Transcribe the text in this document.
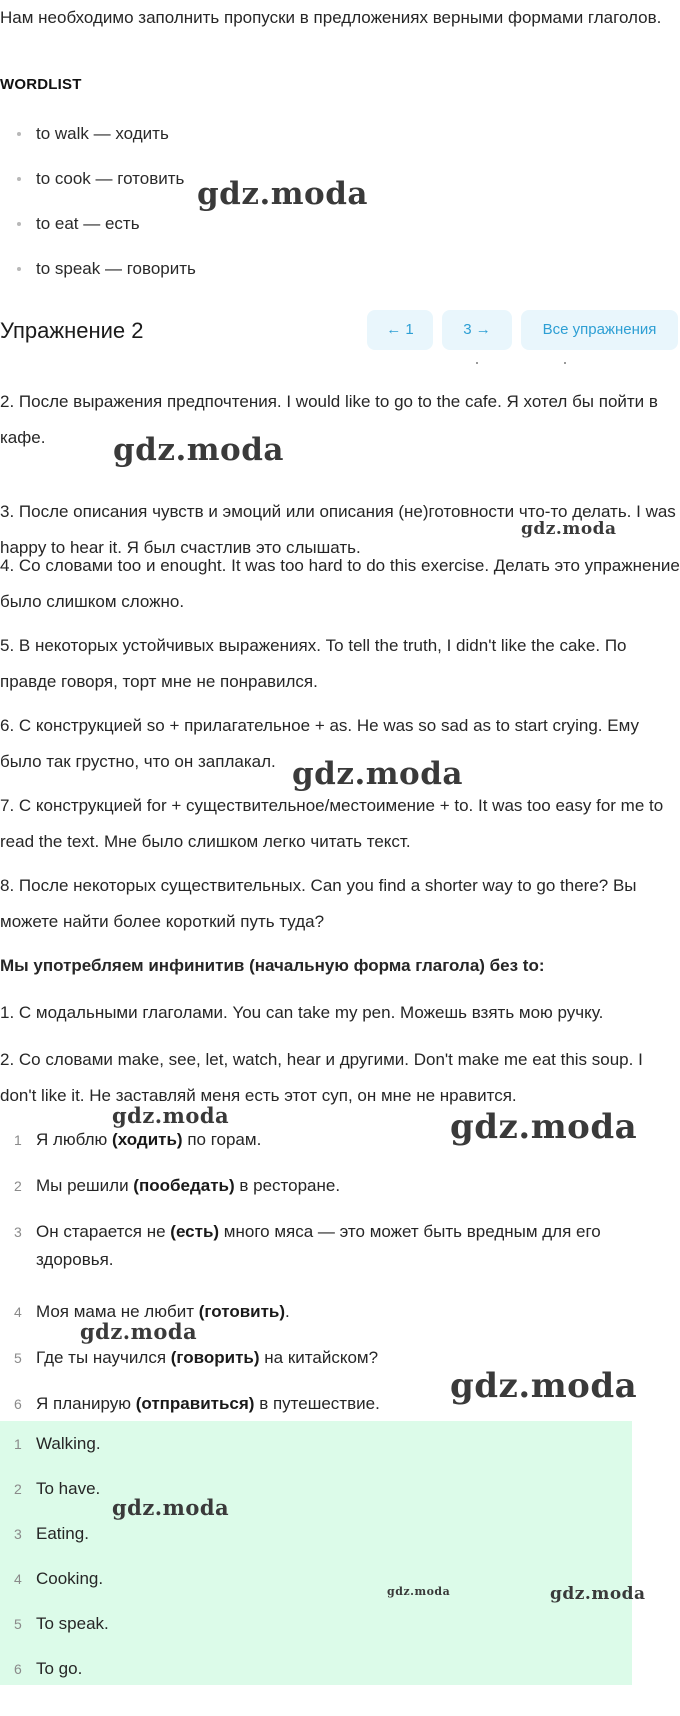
Нам необходимо заполнить пропуски в предложениях верными формами глаголов.
WORDLIST
to walk — ходить
to cook — готовить
to eat — есть
to speak — говорить
Упражнение 2	← 1	3 →	Все упражнения
2. После выражения предпочтения. I would like to go to the cafe. Я хотел бы пойти в кафе.
3. После описания чувств и эмоций или описания (не)готовности что-то делать. I was happy to hear it. Я был счастлив это слышать.
4. Со словами too и enought. It was too hard to do this exercise. Делать это упражнение было слишком сложно.
5. В некоторых устойчивых выражениях. To tell the truth, I didn't like the cake. По правде говоря, торт мне не понравился.
6. С конструкцией so + прилагательное + as. He was so sad as to start crying. Ему было так грустно, что он заплакал.
7. С конструкцией for + существительное/местоимение + to. It was too easy for me to read the text. Мне было слишком легко читать текст.
8. После некоторых существительных. Can you find a shorter way to go there? Вы можете найти более короткий путь туда?
Мы употребляем инфинитив (начальную форма глагола) без to:
1. С модальными глаголами. You can take my pen. Можешь взять мою ручку.
2. Со словами make, see, let, watch, hear и другими. Don't make me eat this soup. I don't like it. Не заставляй меня есть этот суп, он мне не нравится.
1 Я люблю (ходить) по горам.
2 Мы решили (пообедать) в ресторане.
3 Он старается не (есть) много мяса — это может быть вредным для его здоровья.
4 Моя мама не любит (готовить).
5 Где ты научился (говорить) на китайском?
6 Я планирую (отправиться) в путешествие.
1 Walking.
2 To have.
3 Eating.
4 Cooking.
5 To speak.
6 To go.
gdz.moda
gdz.moda
gdz.moda
gdz.moda
gdz.moda	gdz.moda
gdz.moda
gdz.moda
gdz.moda
gdz.moda	gdz.moda
